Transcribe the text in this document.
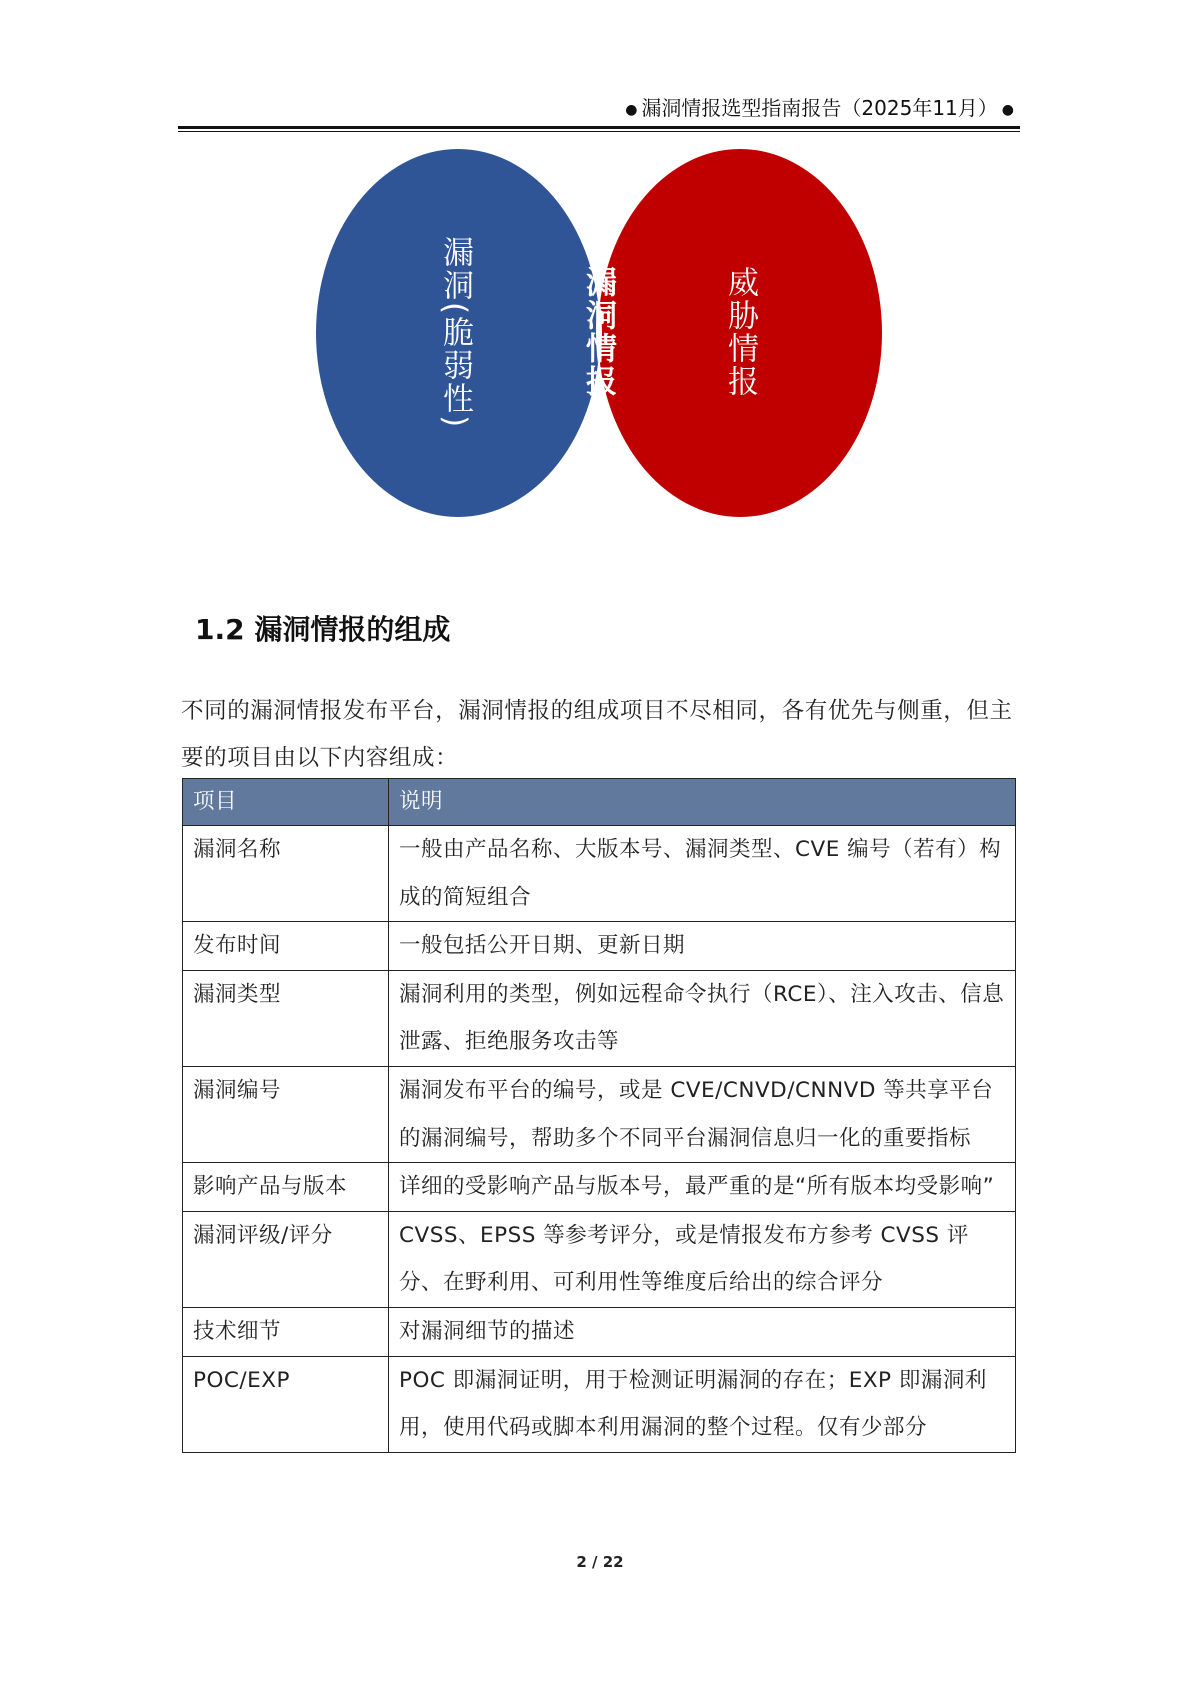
● 漏洞情报选型指南报告（2025年11月） ●
漏洞(脆弱性)	漏洞情报	威胁情报
1.2 漏洞情报的组成
不同的漏洞情报发布平台，漏洞情报的组成项目不尽相同，各有优先与侧重，但主要的项目由以下内容组成：
项目	说明
漏洞名称	一般由产品名称、大版本号、漏洞类型、CVE 编号（若有）构成的简短组合
发布时间	一般包括公开日期、更新日期
漏洞类型	漏洞利用的类型，例如远程命令执行（RCE）、注入攻击、信息泄露、拒绝服务攻击等
漏洞编号	漏洞发布平台的编号，或是 CVE/CNVD/CNNVD 等共享平台的漏洞编号，帮助多个不同平台漏洞信息归一化的重要指标
影响产品与版本	详细的受影响产品与版本号，最严重的是“所有版本均受影响”
漏洞评级/评分	CVSS、EPSS 等参考评分，或是情报发布方参考 CVSS 评分、在野利用、可利用性等维度后给出的综合评分
技术细节	对漏洞细节的描述
POC/EXP	POC 即漏洞证明，用于检测证明漏洞的存在；EXP 即漏洞利用，使用代码或脚本利用漏洞的整个过程。仅有少部分
2 / 22
